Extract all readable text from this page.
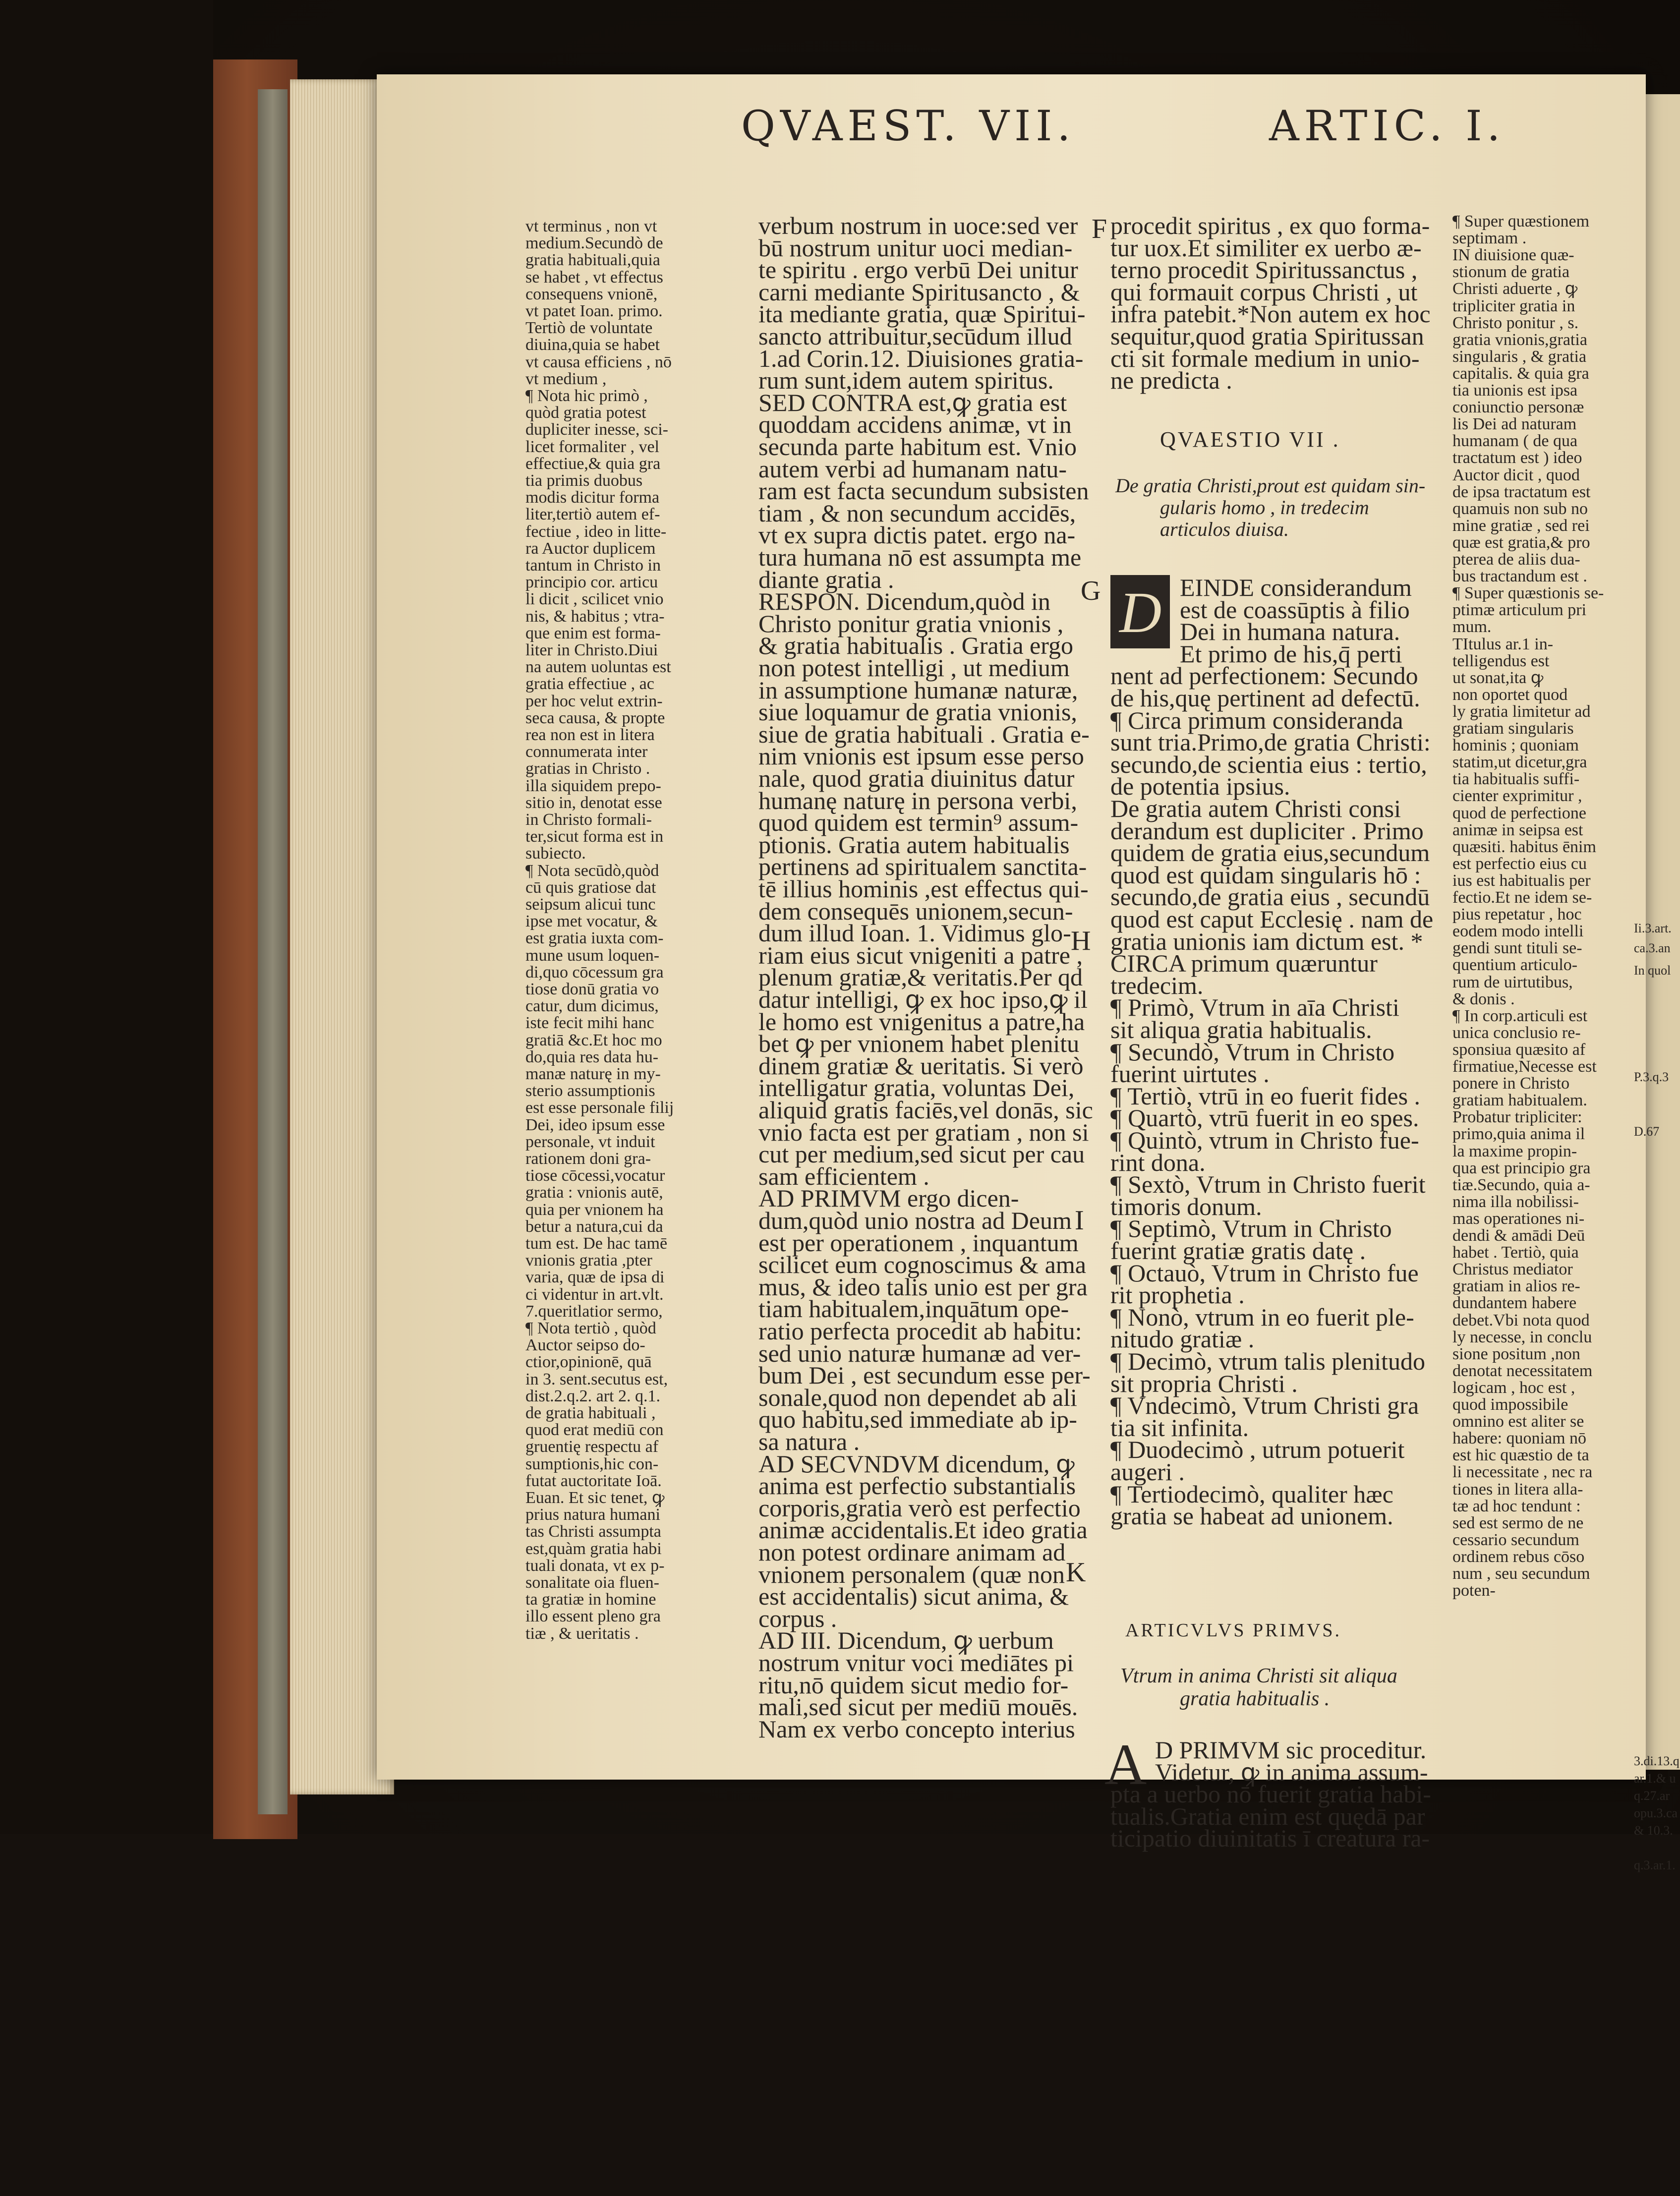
QVAEST. VII.	ARTIC. I.
vt terminus , non vt
medium.Secundò de
gratia habituali,quia
se habet , vt effectus
consequens vnionē,
vt patet Ioan. primo.
Tertiò de voluntate
diuina,quia se habet
vt causa efficiens , nō
vt medium ,
¶ Nota hic primò ,
quòd gratia potest
dupliciter inesse, sci-
licet formaliter , vel
effectiue,& quia gra
tia primis duobus
modis dicitur forma
liter,tertiò autem ef-
fectiue , ideo in litte-
ra Auctor duplicem
tantum in Christo in
principio cor. articu
li dicit , scilicet vnio
nis, & habitus ; vtra-
que enim est forma-
liter in Christo.Diui
na autem uoluntas est
gratia effectiue , ac
per hoc velut extrin-
seca causa, & propte
rea non est in litera
connumerata inter
gratias in Christo .
illa siquidem prepo-
sitio in, denotat esse
in Christo formali-
ter,sicut forma est in
subiecto.
¶ Nota secūdò,quòd
cū quis gratiose dat
seipsum alicui tunc
ipse met vocatur, &
est gratia iuxta com-
mune usum loquen-
di,quo cōcessum gra
tiose donū gratia vo
catur, dum dicimus,
iste fecit mihi hanc
gratiā &c.Et hoc mo
do,quia res data hu-
manæ naturę in my-
sterio assumptionis
est esse personale filij
Dei, ideo ipsum esse
personale, vt induit
rationem doni gra-
tiose cōcessi,vocatur
gratia : vnionis autē,
quia per vnionem ha
betur a natura,cui da
tum est. De hac tamē
vnionis gratia ,pter
varia, quæ de ipsa di
ci videntur in art.vlt.
7.queritlatior sermo,
¶ Nota tertiò , quòd
Auctor seipso do-
ctior,opinionē, quā
in 3. sent.secutus est,
dist.2.q.2. art 2. q.1.
de gratia habituali ,
quod erat mediū con
gruentię respectu af
sumptionis,hic con-
futat auctoritate Ioā.
Euan. Et sic tenet, ꝙ
prius natura humani
tas Christi assumpta
est,quàm gratia habi
tuali donata, vt ex p-
sonalitate oia fluen-
ta gratiæ in homine
illo essent pleno gra
tiæ , & ueritatis .
verbum nostrum in uoce:sed ver
bū nostrum unitur uoci median-
te spiritu . ergo verbū Dei unitur
carni mediante Spiritusancto , &
ita mediante gratia, quæ Spiritui-
sancto attribuitur,secūdum illud
1.ad Corin.12. Diuisiones gratia-
rum sunt,idem autem spiritus.
SED CONTRA est,ꝙ gratia est
quoddam accidens animæ, vt in
secunda parte habitum est. Vnio
autem verbi ad humanam natu-
ram est facta secundum subsisten
tiam , & non secundum accidēs,
vt ex supra dictis patet. ergo na-
tura humana nō est assumpta me
diante gratia .
RESPON. Dicendum,quòd in
Christo ponitur gratia vnionis ,
& gratia habitualis . Gratia ergo
non potest intelligi , ut medium
in assumptione humanæ naturæ,
siue loquamur de gratia vnionis,
siue de gratia habituali . Gratia e-
nim vnionis est ipsum esse perso
nale, quod gratia diuinitus datur
humanę naturę in persona verbi,
quod quidem est termin⁹ assum-
ptionis. Gratia autem habitualis
pertinens ad spiritualem sanctita-
tē illius hominis ,est effectus qui-
dem consequēs unionem,secun-
dum illud Ioan. 1. Vidimus glo-
riam eius sicut vnigeniti a patre ,
plenum gratiæ,& veritatis.Per qd
datur intelligi, ꝙ ex hoc ipso,ꝙ il
le homo est vnigenitus a patre,ha
bet ꝙ per vnionem habet plenitu
dinem gratiæ & ueritatis. Si verò
intelligatur gratia, voluntas Dei,
aliquid gratis faciēs,vel donās, sic
vnio facta est per gratiam , non si
cut per medium,sed sicut per cau
sam efficientem .
AD PRIMVM ergo dicen-
dum,quòd unio nostra ad Deum
est per operationem , inquantum
scilicet eum cognoscimus & ama
mus, & ideo talis unio est per gra
tiam habitualem,inquātum ope-
ratio perfecta procedit ab habitu:
sed unio naturæ humanæ ad ver-
bum Dei , est secundum esse per-
sonale,quod non dependet ab ali
quo habitu,sed immediate ab ip-
sa natura .
AD SECVNDVM dicendum, ꝙ
anima est perfectio substantialis
corporis,gratia verò est perfectio
animæ accidentalis.Et ideo gratia
non potest ordinare animam ad
vnionem personalem (quæ non
est accidentalis) sicut anima, &
corpus .
AD III. Dicendum, ꝙ uerbum
nostrum vnitur voci mediātes pi
ritu,nō quidem sicut medio for-
mali,sed sicut per mediū mouēs.
Nam ex verbo concepto interius
procedit spiritus , ex quo forma-
tur uox.Et similiter ex uerbo æ-
terno procedit Spiritussanctus ,
qui formauit corpus Christi , ut
infra patebit.*Non autem ex hoc
sequitur,quod gratia Spiritussan
cti sit formale medium in unio-
ne predicta .
QVAESTIO VII .
De gratia Christi,prout est quidam sin-
gularis homo , in tredecim
articulos diuisa.
EINDE considerandum
est de coassūptis à filio
Dei in humana natura.
Et primo de his,q̄ perti
nent ad perfectionem: Secundo
de his,quę pertinent ad defectū.
¶ Circa primum consideranda
sunt tria.Primo,de gratia Christi:
secundo,de scientia eius : tertio,
de potentia ipsius.
De gratia autem Christi consi
derandum est dupliciter . Primo
quidem de gratia eius,secundum
quod est quidam singularis hō :
secundo,de gratia eius , secundū
quod est caput Ecclesię . nam de
gratia unionis iam dictum est. *
CIRCA primum quæruntur
tredecim.
¶ Primò, Vtrum in aīa Christi
sit aliqua gratia habitualis.
¶ Secundò, Vtrum in Christo
fuerint uirtutes .
¶ Tertiò, vtrū in eo fuerit fides .
¶ Quartò, vtrū fuerit in eo spes.
¶ Quintò, vtrum in Christo fue-
rint dona.
¶ Sextò, Vtrum in Christo fuerit
timoris donum.
¶ Septimò, Vtrum in Christo
fuerint gratiæ gratis datę .
¶ Octauò, Vtrum in Christo fue
rit prophetia .
¶ Nonò, vtrum in eo fuerit ple-
nitudo gratiæ .
¶ Decimò, vtrum talis plenitudo
sit propria Christi .
¶ Vndecimò, Vtrum Christi gra
tia sit infinita.
¶ Duodecimò , utrum potuerit
augeri .
¶ Tertiodecimò, qualiter hæc
gratia se habeat ad unionem.
ARTICVLVS PRIMVS.
Vtrum in anima Christi sit aliqua
gratia habitualis .
A D PRIMVM sic proceditur.
Videtur, ꝙ in anima assum-
pta a uerbo nō fuerit gratia habi-
tualis.Gratia enim est quędā par
ticipatio diuinitatis ī creatura ra-
¶ Super quæstionem
septimam .
IN diuisione quæ-
stionum de gratia
Christi aduerte , ꝙ
tripliciter gratia in
Christo ponitur , s.
gratia vnionis,gratia
singularis , & gratia
capitalis. & quia gra
tia unionis est ipsa
coniunctio personæ
lis Dei ad naturam
humanam ( de qua
tractatum est ) ideo
Auctor dicit , quod
de ipsa tractatum est
quamuis non sub no
mine gratiæ , sed rei
quæ est gratia,& pro
pterea de aliis dua-
bus tractandum est .
¶ Super quæstionis se-
ptimæ articulum pri
mum.
TItulus ar.1 in-
telligendus est
ut sonat,ita ꝙ
non oportet quod
ly gratia limitetur ad
gratiam singularis
hominis ; quoniam
statim,ut dicetur,gra
tia habitualis suffi-
cienter exprimitur ,
quod de perfectione
animæ in seipsa est
quæsiti. habitus ēnim
est perfectio eius cu
ius est habitualis per
fectio.Et ne idem se-
pius repetatur , hoc
eodem modo intelli
gendi sunt tituli se-
quentium articulo-
rum de uirtutibus,
& donis .
¶ In corp.articuli est
unica conclusio re-
sponsiua quæsito af
firmatiue,Necesse est
ponere in Christo
gratiam habitualem.
Probatur tripliciter:
primo,quia anima il
la maxime propin-
qua est principio gra
tiæ.Secundo, quia a-
nima illa nobilissi-
mas operationes ni-
dendi & amādi Deū
habet . Tertiò, quia
Christus mediator
gratiam in alios re-
dundantem habere
debet.Vbi nota quod
ly necesse, in conclu
sione positum ,non
denotat necessitatem
logicam , hoc est ,
quod impossibile
omnino est aliter se
habere: quoniam nō
est hic quæstio de ta
li necessitate , nec ra
tiones in litera alla-
tæ ad hoc tendunt :
sed est sermo de ne
cessario secundum
ordinem rebus cōso
num , seu secundum
poten-
Ii.3.art.
ca.3.an
In quol
P.3.q.3
D.67
3.di.13.q
ar.1.& u
q.27.ar
opu.3.ca
& 10.3.
q.3.ar.1.
D
F
G
H
I
K
